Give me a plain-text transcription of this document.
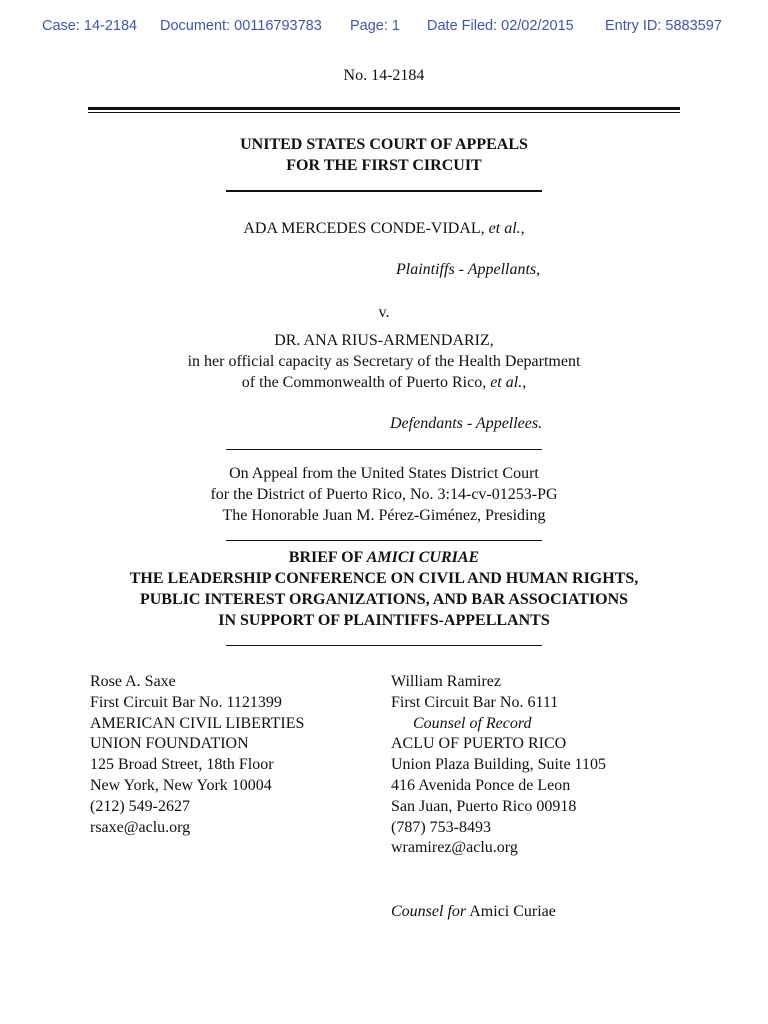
Case: 14-2184 Document: 00116793783 Page: 1 Date Filed: 02/02/2015 Entry ID: 5883597
No. 14-2184
UNITED STATES COURT OF APPEALS
FOR THE FIRST CIRCUIT
ADA MERCEDES CONDE-VIDAL, et al.,
Plaintiffs - Appellants,
v.
DR. ANA RIUS-ARMENDARIZ,
in her official capacity as Secretary of the Health Department
of the Commonwealth of Puerto Rico, et al.,
Defendants - Appellees.
On Appeal from the United States District Court
for the District of Puerto Rico, No. 3:14-cv-01253-PG
The Honorable Juan M. Pérez-Giménez, Presiding
BRIEF OF AMICI CURIAE
THE LEADERSHIP CONFERENCE ON CIVIL AND HUMAN RIGHTS,
PUBLIC INTEREST ORGANIZATIONS, AND BAR ASSOCIATIONS
IN SUPPORT OF PLAINTIFFS-APPELLANTS
Rose A. Saxe
First Circuit Bar No. 1121399
AMERICAN CIVIL LIBERTIES
UNION FOUNDATION
125 Broad Street, 18th Floor
New York, New York 10004
(212) 549-2627
rsaxe@aclu.org
William Ramirez
First Circuit Bar No. 6111
Counsel of Record
ACLU OF PUERTO RICO
Union Plaza Building, Suite 1105
416 Avenida Ponce de Leon
San Juan, Puerto Rico 00918
(787) 753-8493
wramirez@aclu.org
Counsel for Amici Curiae
